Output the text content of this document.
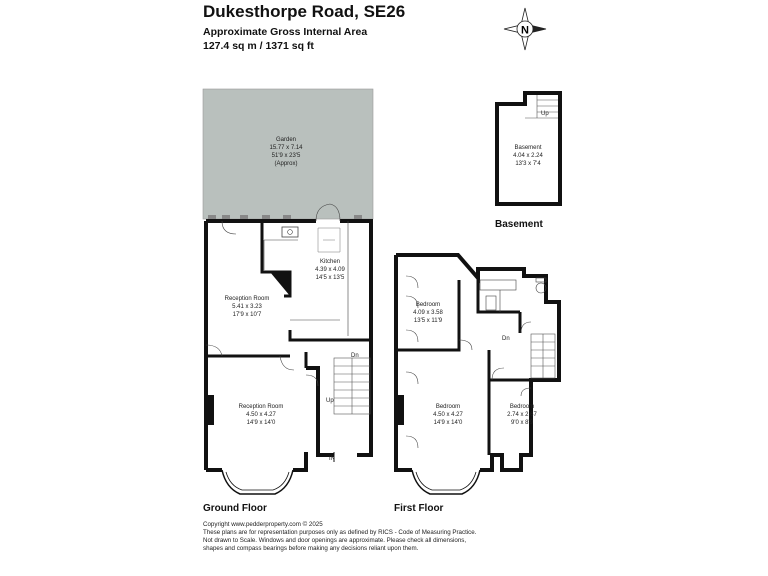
Dukesthorpe Road, SE26
Approximate Gross Internal Area
127.4 sq m / 1371 sq ft
N
Garden
15.77 x 7.14
51'9 x 23'5
(Approx)
Kitchen
4.39 x 4.09
14'5 x 13'5
Reception Room
5.41 x 3.23
17'9 x 10'7
Reception Room
4.50 x 4.27
14'9 x 14'0
Basement
4.04 x 2.24
13'3 x 7'4
Bedroom
4.09 x 3.58
13'5 x 11'9
Bedroom
4.50 x 4.27
14'9 x 14'0
Bedroom
2.74 x 2.67
9'0 x 8'9
Dn
Up
IN
Up
Dn
Ground Floor	First Floor
Basement
Copyright www.pedderproperty.com © 2025
These plans are for representation purposes only as defined by RICS - Code of Measuring Practice.
Not drawn to Scale. Windows and door openings are approximate. Please check all dimensions,
shapes and compass bearings before making any decisions reliant upon them.
